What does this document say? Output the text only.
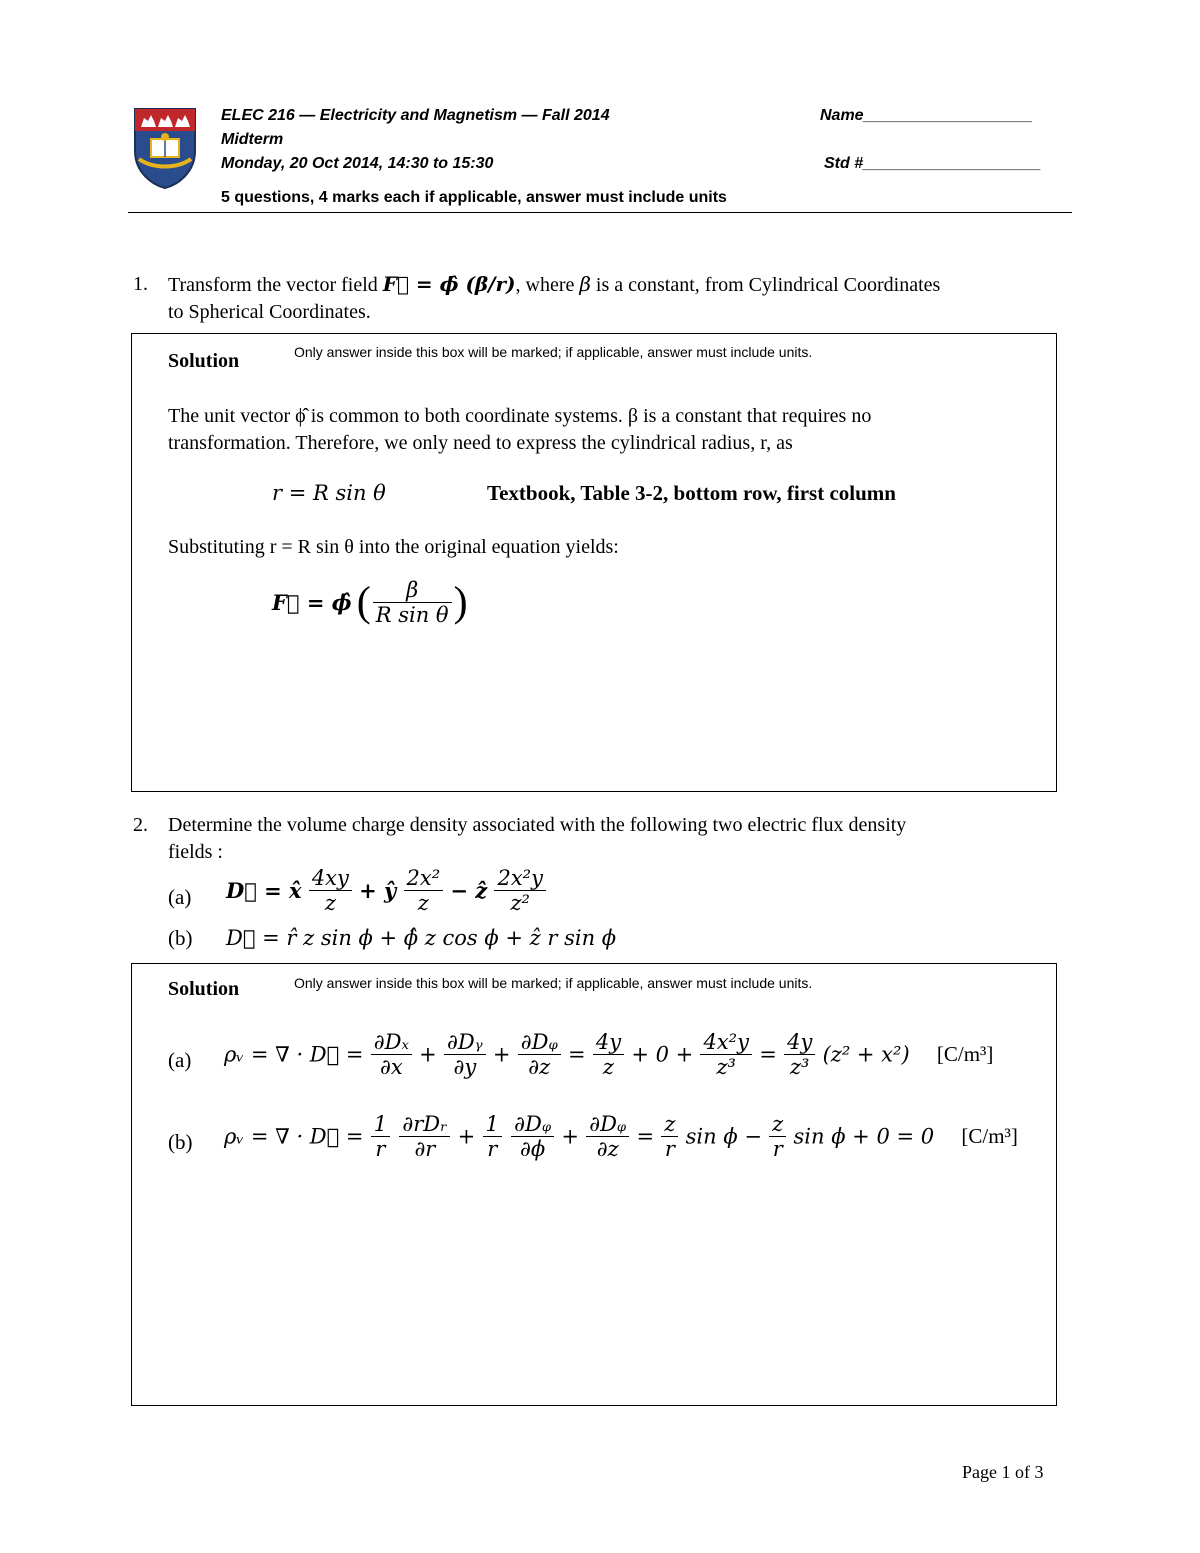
ELEC 216 — Electricity and Magnetism — Fall 2014
Midterm
Monday, 20 Oct 2014, 14:30 to 15:30
5 questions, 4 marks each if applicable, answer must include units
Name___________________
Std #____________________
1. Transform the vector field F⃗ = ϕ̂ (β/r), where β is a constant, from Cylindrical Coordinates
to Spherical Coordinates.
Solution	Only answer inside this box will be marked; if applicable, answer must include units.
The unit vector ϕ̂ is common to both coordinate systems. β is a constant that requires no
transformation. Therefore, we only need to express the cylindrical radius, r, as
r = R sin θ	Textbook, Table 3-2, bottom row, first column
Substituting r = R sin θ into the original equation yields:
F⃗ = ϕ̂ ( $\frac{\beta}{\text{R sin θ}}$ )
2. Determine the volume charge density associated with the following two electric flux density
fields :
(a) D⃗ = x̂ $\frac{4xy}{z}$ + ŷ $\frac{\text{2x²}}{z}$ − ẑ $\frac{\text{2x²y}}{\text{z²}}$
(b) D⃗ = r̂ z sin ϕ + ϕ̂ z cos ϕ + ẑ r sin ϕ
Solution	Only answer inside this box will be marked; if applicable, answer must include units.
(a) ρᵥ = ∇ · D⃗ = $\frac{\text{∂Dₓ}}{\partial x} + \frac{\text{∂Dᵧ}}{\partial y} + \frac{\text{∂Dᵩ}}{\partial z} = \frac{4y}{z} + 0 + \frac{\text{4x²y}}{\text{z³}} = \frac{4y}{\text{z³}} (z^2 + x^2)$ [C/m³]
(b) ρᵥ = ∇ · D⃗ = $\frac{1}{r}$
$\frac{\text{∂rDᵣ}}{\partial r} + \frac{1}{r}$
$\frac{\text{∂Dᵩ}}{\partial\phi} + \frac{\text{∂Dᵩ}}{\partial z} = \frac{z}{r}$ $\sin \phi - \frac{z}{r}$ sin ϕ + 0 = 0 [C/m³]
Page 1 of 3
